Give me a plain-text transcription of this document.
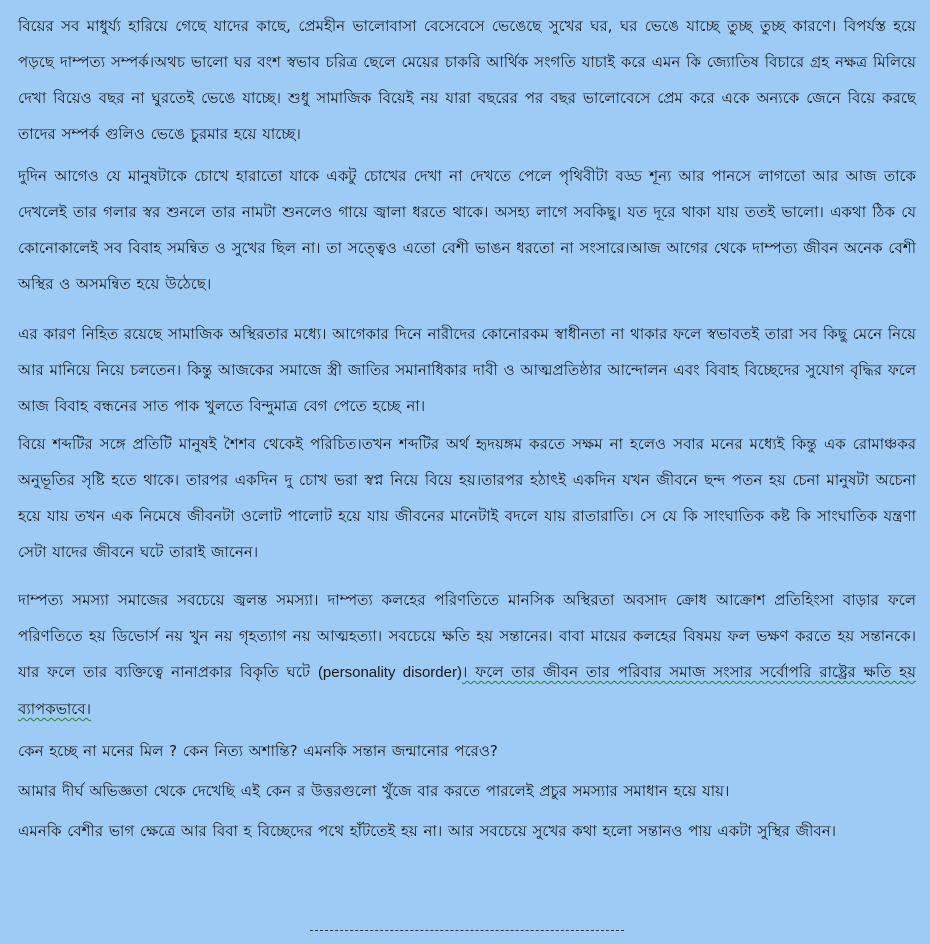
বিয়ের সব মাধুর্য্য হারিয়ে গেছে যাদের কাছে, প্রেমহীন ভালোবাসা বেসেবেসে ভেঙেছে সুখের ঘর, ঘর ভেঙে যাচ্ছে তুচ্ছ তুচ্ছ কারণে। বিপর্যস্ত হয়ে পড়ছে দাম্পত্য সম্পর্ক।অথচ ভালো ঘর বংশ স্বভাব চরিত্র ছেলে মেয়ের চাকরি আর্থিক সংগতি যাচাই করে এমন কি জ্যোতিষ বিচারে গ্রহ নক্ষত্র মিলিয়ে দেখা বিয়েও বছর না ঘুরতেই ভেঙে যাচ্ছে। শুধু সামাজিক বিয়েই নয় যারা বছরের পর বছর ভালোবেসে প্রেম করে একে অন্যকে জেনে বিয়ে করছে তাদের সম্পর্ক গুলিও ভেঙে চুরমার হয়ে যাচ্ছে।

দুদিন আগেও যে মানুষটাকে চোখে হারাতো যাকে একটু চোখের দেখা না দেখতে পেলে পৃথিবীটা বড্ড শূন্য আর পানসে লাগতো আর আজ তাকে দেখলেই তার গলার স্বর শুনলে তার নামটা শুনলেও গায়ে জ্বালা ধরতে থাকে। অসহ্য লাগে সবকিছু। যত দূরে থাকা যায় ততই ভালো। একথা ঠিক যে কোনোকালেই সব বিবাহ সমন্বিত ও সুখের ছিল না। তা সত্ত্বেও এতো বেশী ভাঙন ধরতো না সংসারে।আজ আগের থেকে দাম্পত্য জীবন অনেক বেশী অস্থির ও অসমন্বিত হয়ে উঠেছে।

এর কারণ নিহিত রয়েছে সামাজিক অস্থিরতার মধ্যে। আগেকার দিনে নারীদের কোনোরকম স্বাধীনতা না থাকার ফলে স্বভাবতই তারা সব কিছু মেনে নিয়ে আর মানিয়ে নিয়ে চলতেন। কিন্তু আজকের সমাজে স্ত্রী জাতির সমানাধিকার দাবী ও আত্মপ্রতিষ্ঠার আন্দোলন এবং বিবাহ বিচ্ছেদের সুযোগ বৃদ্ধির ফলে আজ বিবাহ বন্ধনের সাত পাক খুলতে বিন্দুমাত্র বেগ পেতে হচ্ছে না।

বিয়ে শব্দটির সঙ্গে প্রতিটি মানুষই শৈশব থেকেই পরিচিত।তখন শব্দটির অর্থ হৃদয়ঙ্গম করতে সক্ষম না হলেও সবার মনের মধ্যেই কিন্তু এক রোমাঞ্চকর অনুভূতির সৃষ্টি হতে থাকে। তারপর একদিন দু চোখ ভরা স্বপ্ন নিয়ে বিয়ে হয়।তারপর হঠাৎই একদিন যখন জীবনে ছন্দ পতন হয় চেনা মানুষটা অচেনা হয়ে যায় তখন এক নিমেষে জীবনটা ওলোট পালোট হয়ে যায় জীবনের মানেটাই বদলে যায় রাতারাতি। সে যে কি সাংঘাতিক কষ্ট কি সাংঘাতিক যন্ত্রণা সেটা যাদের জীবনে ঘটে তারাই জানেন।

দাম্পত্য সমস্যা সমাজের সবচেয়ে জ্বলন্ত সমস্যা। দাম্পত্য কলহের পরিণতিতে মানসিক অস্থিরতা অবসাদ ক্রোধ আক্রোশ প্রতিহিংসা বাড়ার ফলে পরিণতিতে হয় ডিভোর্স নয় খুন নয় গৃহত্যাগ নয় আত্মহত্যা। সবচেয়ে ক্ষতি হয় সন্তানের। বাবা মায়ের কলহের বিষময় ফল ভক্ষণ করতে হয় সন্তানকে। যার ফলে তার ব্যক্তিত্বে নানাপ্রকার বিকৃতি ঘটে (personality disorder)। ফলে তার জীবন তার পরিবার সমাজ সংসার সর্বোপরি রাষ্ট্রের ক্ষতি হয় ব্যাপকভাবে।

কেন হচ্ছে না মনের মিল ? কেন নিত্য অশান্তি? এমনকি সন্তান জন্মানোর পরেও?

আমার দীর্ঘ অভিজ্ঞতা থেকে দেখেছি এই কেন র উত্তরগুলো খুঁজে বার করতে পারলেই প্রচুর সমস্যার সমাধান হয়ে যায়।

এমনকি বেশীর ভাগ ক্ষেত্রে আর বিবা হ বিচ্ছেদের পথে হাঁটতেই হয় না। আর সবচেয়ে সুখের কথা হলো সন্তানও পায় একটা সুস্থির জীবন।
